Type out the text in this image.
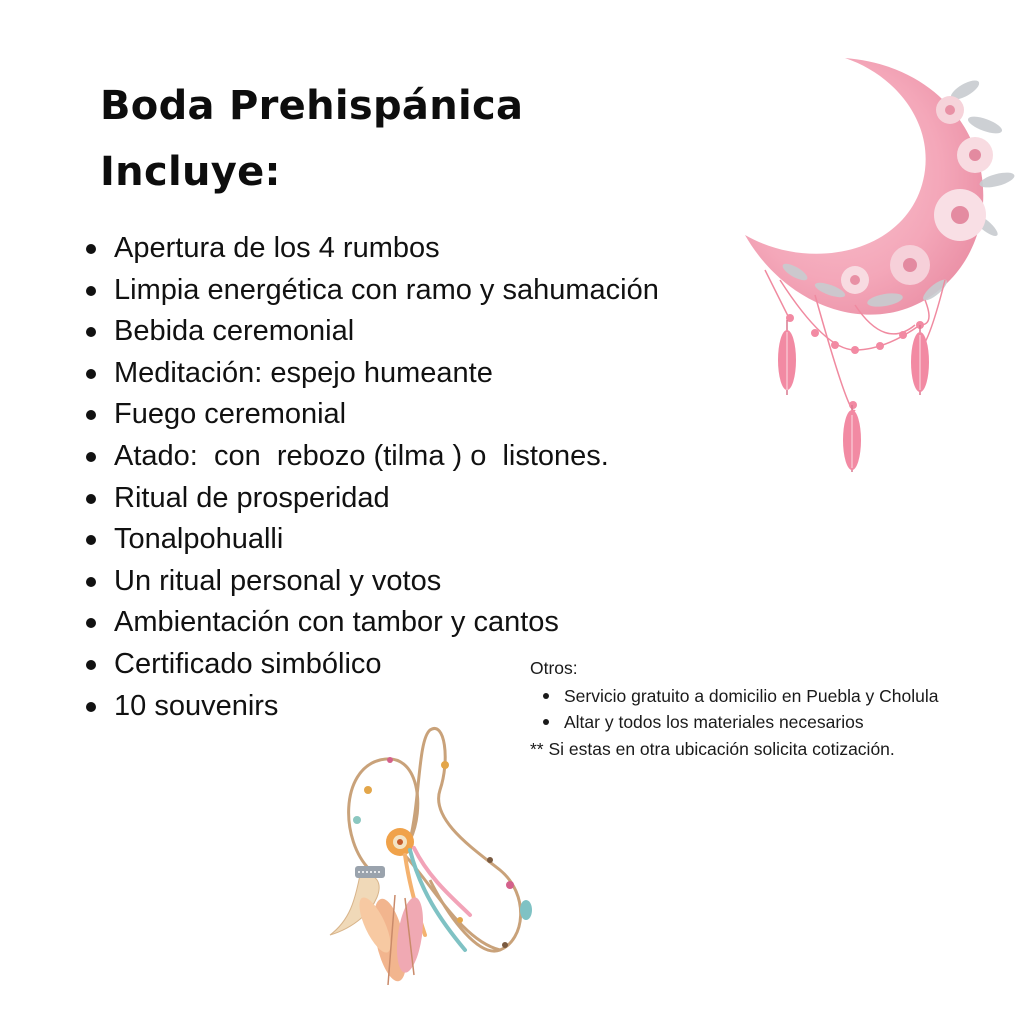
Boda Prehispánica
Incluye:
Apertura de los 4 rumbos
Limpia energética con ramo y sahumación
Bebida ceremonial
Meditación: espejo humeante
Fuego ceremonial
Atado:  con  rebozo (tilma ) o  listones.
Ritual de prosperidad
Tonalpohualli
Un ritual personal y votos
Ambientación con tambor y cantos
Certificado simbólico
10 souvenirs

Otros:

Servicio gratuito a domicilio en Puebla y Cholula
Altar y todos los materiales necesarios

** Si estas en otra ubicación solicita cotización.
